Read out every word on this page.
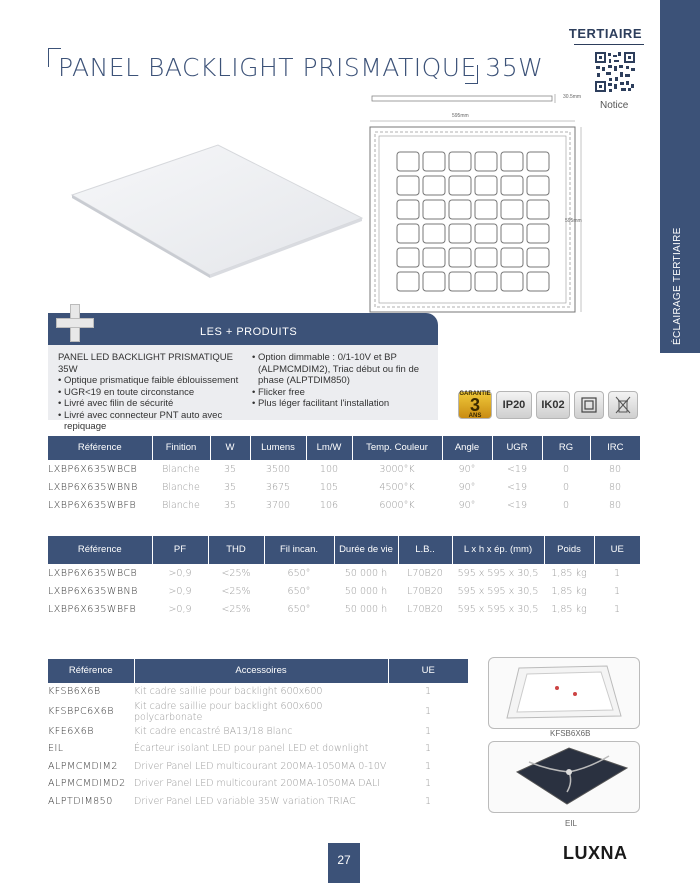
ÉCLAIRAGE TERTIAIRE
TERTIAIRE
PANEL BACKLIGHT PRISMATIQUE 35W
Notice
30.5mm
595mm
595mm
LES + PRODUITS
PANEL LED BACKLIGHT PRISMATIQUE 35W
• Optique prismatique faible éblouissement
• UGR<19 en toute circonstance
• Livré avec filin de sécurité
• Livré avec connecteur PNT auto avec
repiquage
• Option dimmable : 0/1-10V et BP
(ALPMCMDIM2), Triac début ou fin de
phase (ALPTDIM850)
• Flicker free
• Plus léger facilitant l'installation
GARANTIE
3
ANS
IP20	IK02
Référence	Finition	W	Lumens	Lm/W	Temp. Couleur	Angle	UGR	RG	IRC
LXBP6X635WBCB	Blanche	35	3500	100	3000°K	90°	<19	0	80
LXBP6X635WBNB	Blanche	35	3675	105	4500°K	90°	<19	0	80
LXBP6X635WBFB	Blanche	35	3700	106	6000°K	90°	<19	0	80
Référence	PF	THD	Fil incan.	Durée de vie	L.B..	L x h x ép. (mm)	Poids	UE
LXBP6X635WBCB	>0,9	<25%	650°	50 000 h	L70B20	595 x 595 x 30,5	1,85 kg	1
LXBP6X635WBNB	>0,9	<25%	650°	50 000 h	L70B20	595 x 595 x 30,5	1,85 kg	1
LXBP6X635WBFB	>0,9	<25%	650°	50 000 h	L70B20	595 x 595 x 30,5	1,85 kg	1
Référence	Accessoires	UE
KFSB6X6B	Kit cadre saillie pour backlight 600x600	1
KFSBPC6X6B	Kit cadre saillie pour backlight 600x600 polycarbonate	1
KFE6X6B	Kit cadre encastré BA13/18 Blanc	1
EIL	Écarteur isolant LED pour panel LED et downlight	1
ALPMCMDIM2	Driver Panel LED multicourant 200MA-1050MA 0-10V	1
ALPMCMDIMD2	Driver Panel LED multicourant 200MA-1050MA DALI	1
ALPTDIM850	Driver Panel LED variable 35W variation TRIAC	1
KFSB6X6B
EIL
27	LUXNA
